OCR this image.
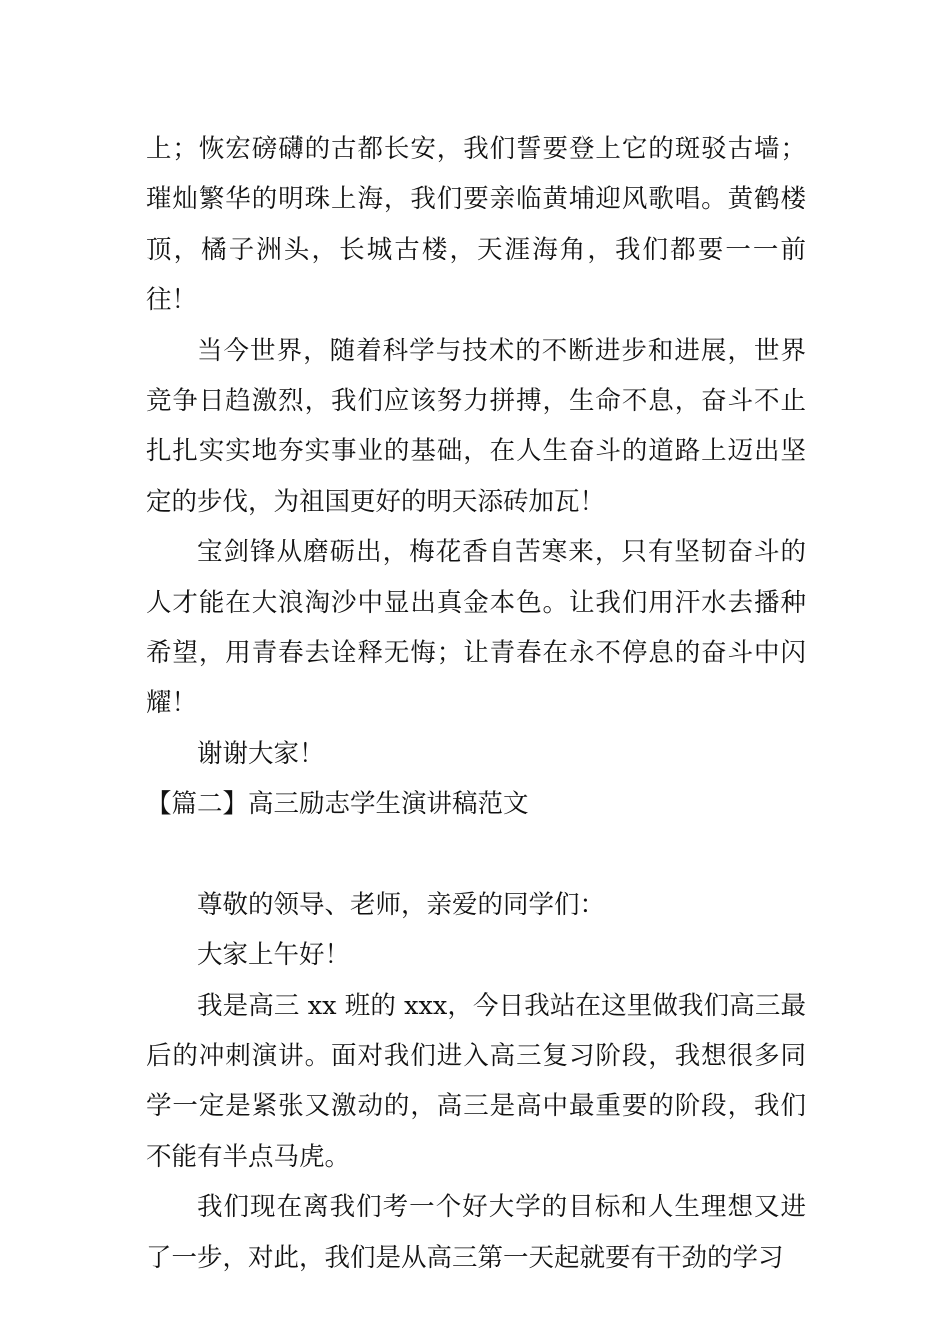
上；恢宏磅礴的古都长安，我们誓要登上它的斑驳古墙；璀灿繁华的明珠上海，我们要亲临黄埔迎风歌唱。黄鹤楼顶，橘子洲头，长城古楼，天涯海角，我们都要一一前往！

当今世界，随着科学与技术的不断进步和进展，世界竞争日趋激烈，我们应该努力拼搏，生命不息，奋斗不止扎扎实实地夯实事业的基础，在人生奋斗的道路上迈出坚定的步伐，为祖国更好的明天添砖加瓦！

宝剑锋从磨砺出，梅花香自苦寒来，只有坚韧奋斗的人才能在大浪淘沙中显出真金本色。让我们用汗水去播种希望，用青春去诠释无悔；让青春在永不停息的奋斗中闪耀！

谢谢大家！

【篇二】高三励志学生演讲稿范文

尊敬的领导、老师，亲爱的同学们：

大家上午好！

我是高三 xx 班的 xxx，今日我站在这里做我们高三最后的冲刺演讲。面对我们进入高三复习阶段，我想很多同学一定是紧张又激动的，高三是高中最重要的阶段，我们不能有半点马虎。

我们现在离我们考一个好大学的目标和人生理想又进了一步，对此，我们是从高三第一天起就要有干劲的学习
